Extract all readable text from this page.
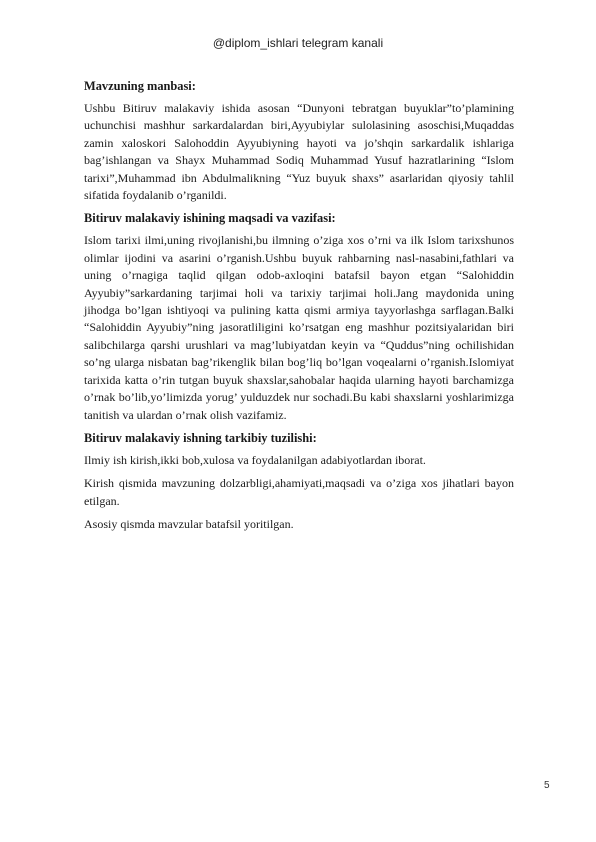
@diplom_ishlari telegram kanali
​
Mavzuning manbasi:

Ushbu Bitiruv malakaviy ishida asosan “Dunyoni tebratgan buyuklar”to’plamining uchunchisi mashhur sarkardalardan biri,Ayyubiylar sulolasining asoschisi,Muqaddas zamin xaloskori Salohoddin Ayyubiyning hayoti va jo’shqin sarkardalik ishlariga bag’ishlangan va Shayx Muhammad Sodiq Muhammad Yusuf hazratlarining “Islom tarixi”,Muhammad ibn Abdulmalikning “Yuz buyuk shaxs” asarlaridan qiyosiy tahlil sifatida foydalanib o’rganildi.

Bitiruv malakaviy ishining maqsadi va vazifasi:

Islom tarixi ilmi,uning rivojlanishi,bu ilmning o’ziga xos o’rni va ilk Islom tarixshunos olimlar ijodini va asarini o’rganish.Ushbu buyuk rahbarning nasl-nasabini,fathlari va uning o’rnagiga taqlid qilgan odob-axloqini batafsil bayon etgan “Salohiddin Ayyubiy”sarkardaning tarjimai holi va tarixiy tarjimai holi.Jang maydonida uning jihodga bo’lgan ishtiyoqi va pulining katta qismi armiya tayyorlashga sarflagan.Balki “Salohiddin Ayyubiy”ning jasoratliligini ko’rsatgan eng mashhur pozitsiyalaridan biri salibchilarga qarshi urushlari va mag’lubiyatdan keyin va “Quddus”ning ochilishidan so’ng ularga nisbatan bag’rikenglik bilan bog’liq bo’lgan voqealarni o’rganish.Islomiyat tarixida katta o’rin tutgan buyuk shaxslar,sahobalar haqida ularning hayoti barchamizga o’rnak bo’lib,yo’limizda yorug’ yulduzdek nur sochadi.Bu kabi shaxslarni yoshlarimizga tanitish va ulardan o’rnak olish vazifamiz.

Bitiruv malakaviy ishning tarkibiy tuzilishi:

Ilmiy ish kirish,ikki bob,xulosa va foydalanilgan adabiyotlardan iborat.

Kirish qismida mavzuning dolzarbligi,ahamiyati,maqsadi va o’ziga xos jihatlari bayon etilgan.

Asosiy qismda mavzular batafsil yoritilgan.

5
